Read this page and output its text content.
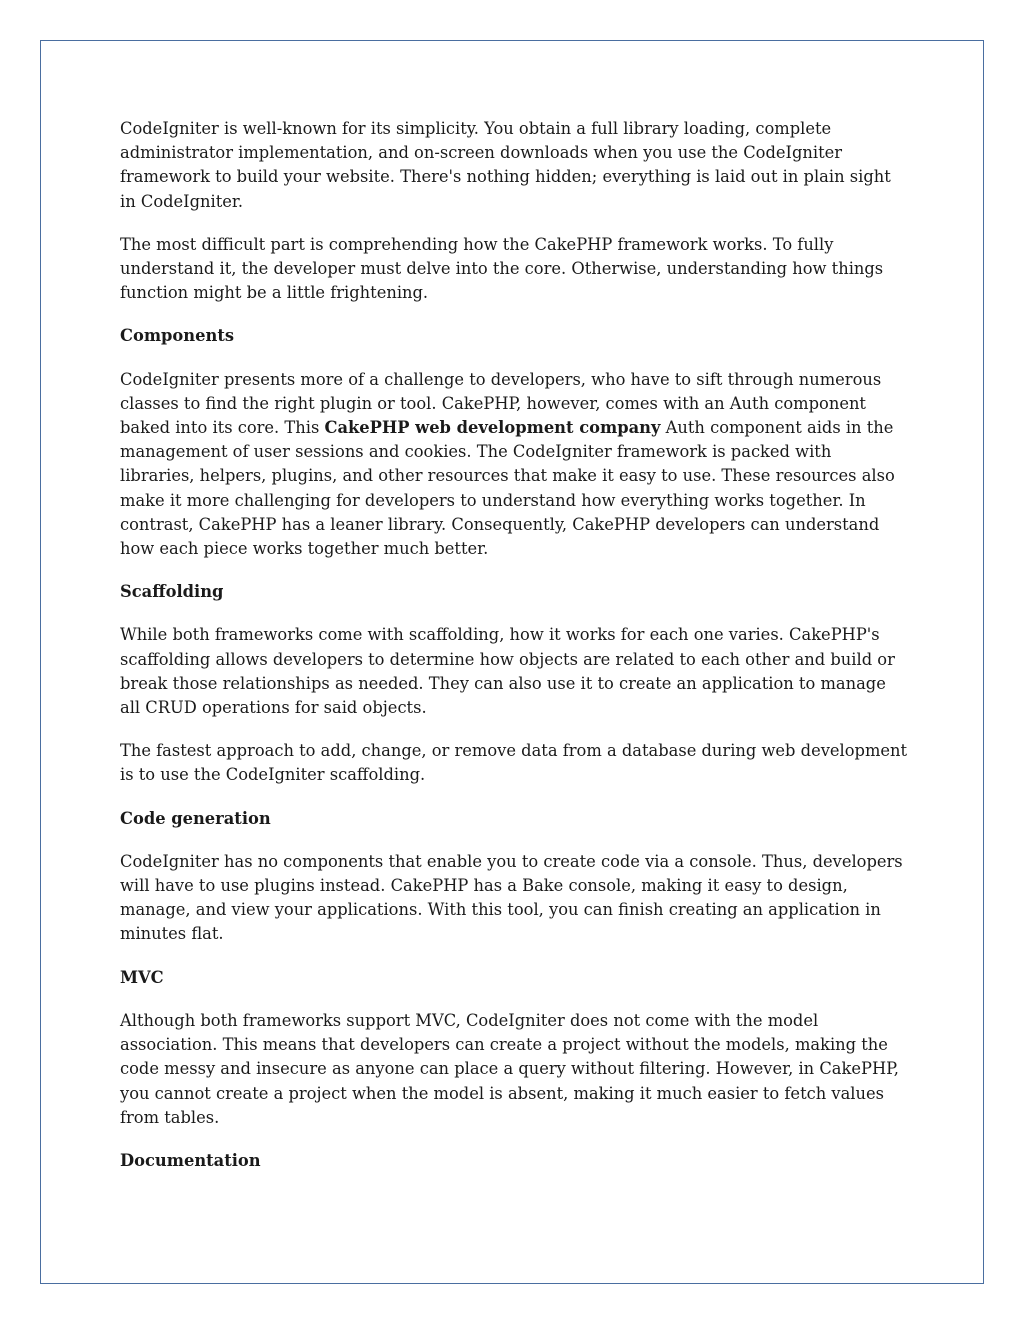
CodeIgniter is well-known for its simplicity. You obtain a full library loading, complete administrator implementation, and on-screen downloads when you use the CodeIgniter framework to build your website. There's nothing hidden; everything is laid out in plain sight in CodeIgniter.

The most difficult part is comprehending how the CakePHP framework works. To fully understand it, the developer must delve into the core. Otherwise, understanding how things function might be a little frightening.

Components

CodeIgniter presents more of a challenge to developers, who have to sift through numerous classes to find the right plugin or tool. CakePHP, however, comes with an Auth component baked into its core. This CakePHP web development company Auth component aids in the management of user sessions and cookies. The CodeIgniter framework is packed with libraries, helpers, plugins, and other resources that make it easy to use. These resources also make it more challenging for developers to understand how everything works together. In contrast, CakePHP has a leaner library. Consequently, CakePHP developers can understand how each piece works together much better.

Scaffolding

While both frameworks come with scaffolding, how it works for each one varies. CakePHP's scaffolding allows developers to determine how objects are related to each other and build or break those relationships as needed. They can also use it to create an application to manage all CRUD operations for said objects.

The fastest approach to add, change, or remove data from a database during web development is to use the CodeIgniter scaffolding.

Code generation

CodeIgniter has no components that enable you to create code via a console. Thus, developers will have to use plugins instead. CakePHP has a Bake console, making it easy to design, manage, and view your applications. With this tool, you can finish creating an application in minutes flat.

MVC

Although both frameworks support MVC, CodeIgniter does not come with the model association. This means that developers can create a project without the models, making the code messy and insecure as anyone can place a query without filtering. However, in CakePHP, you cannot create a project when the model is absent, making it much easier to fetch values from tables.

Documentation
